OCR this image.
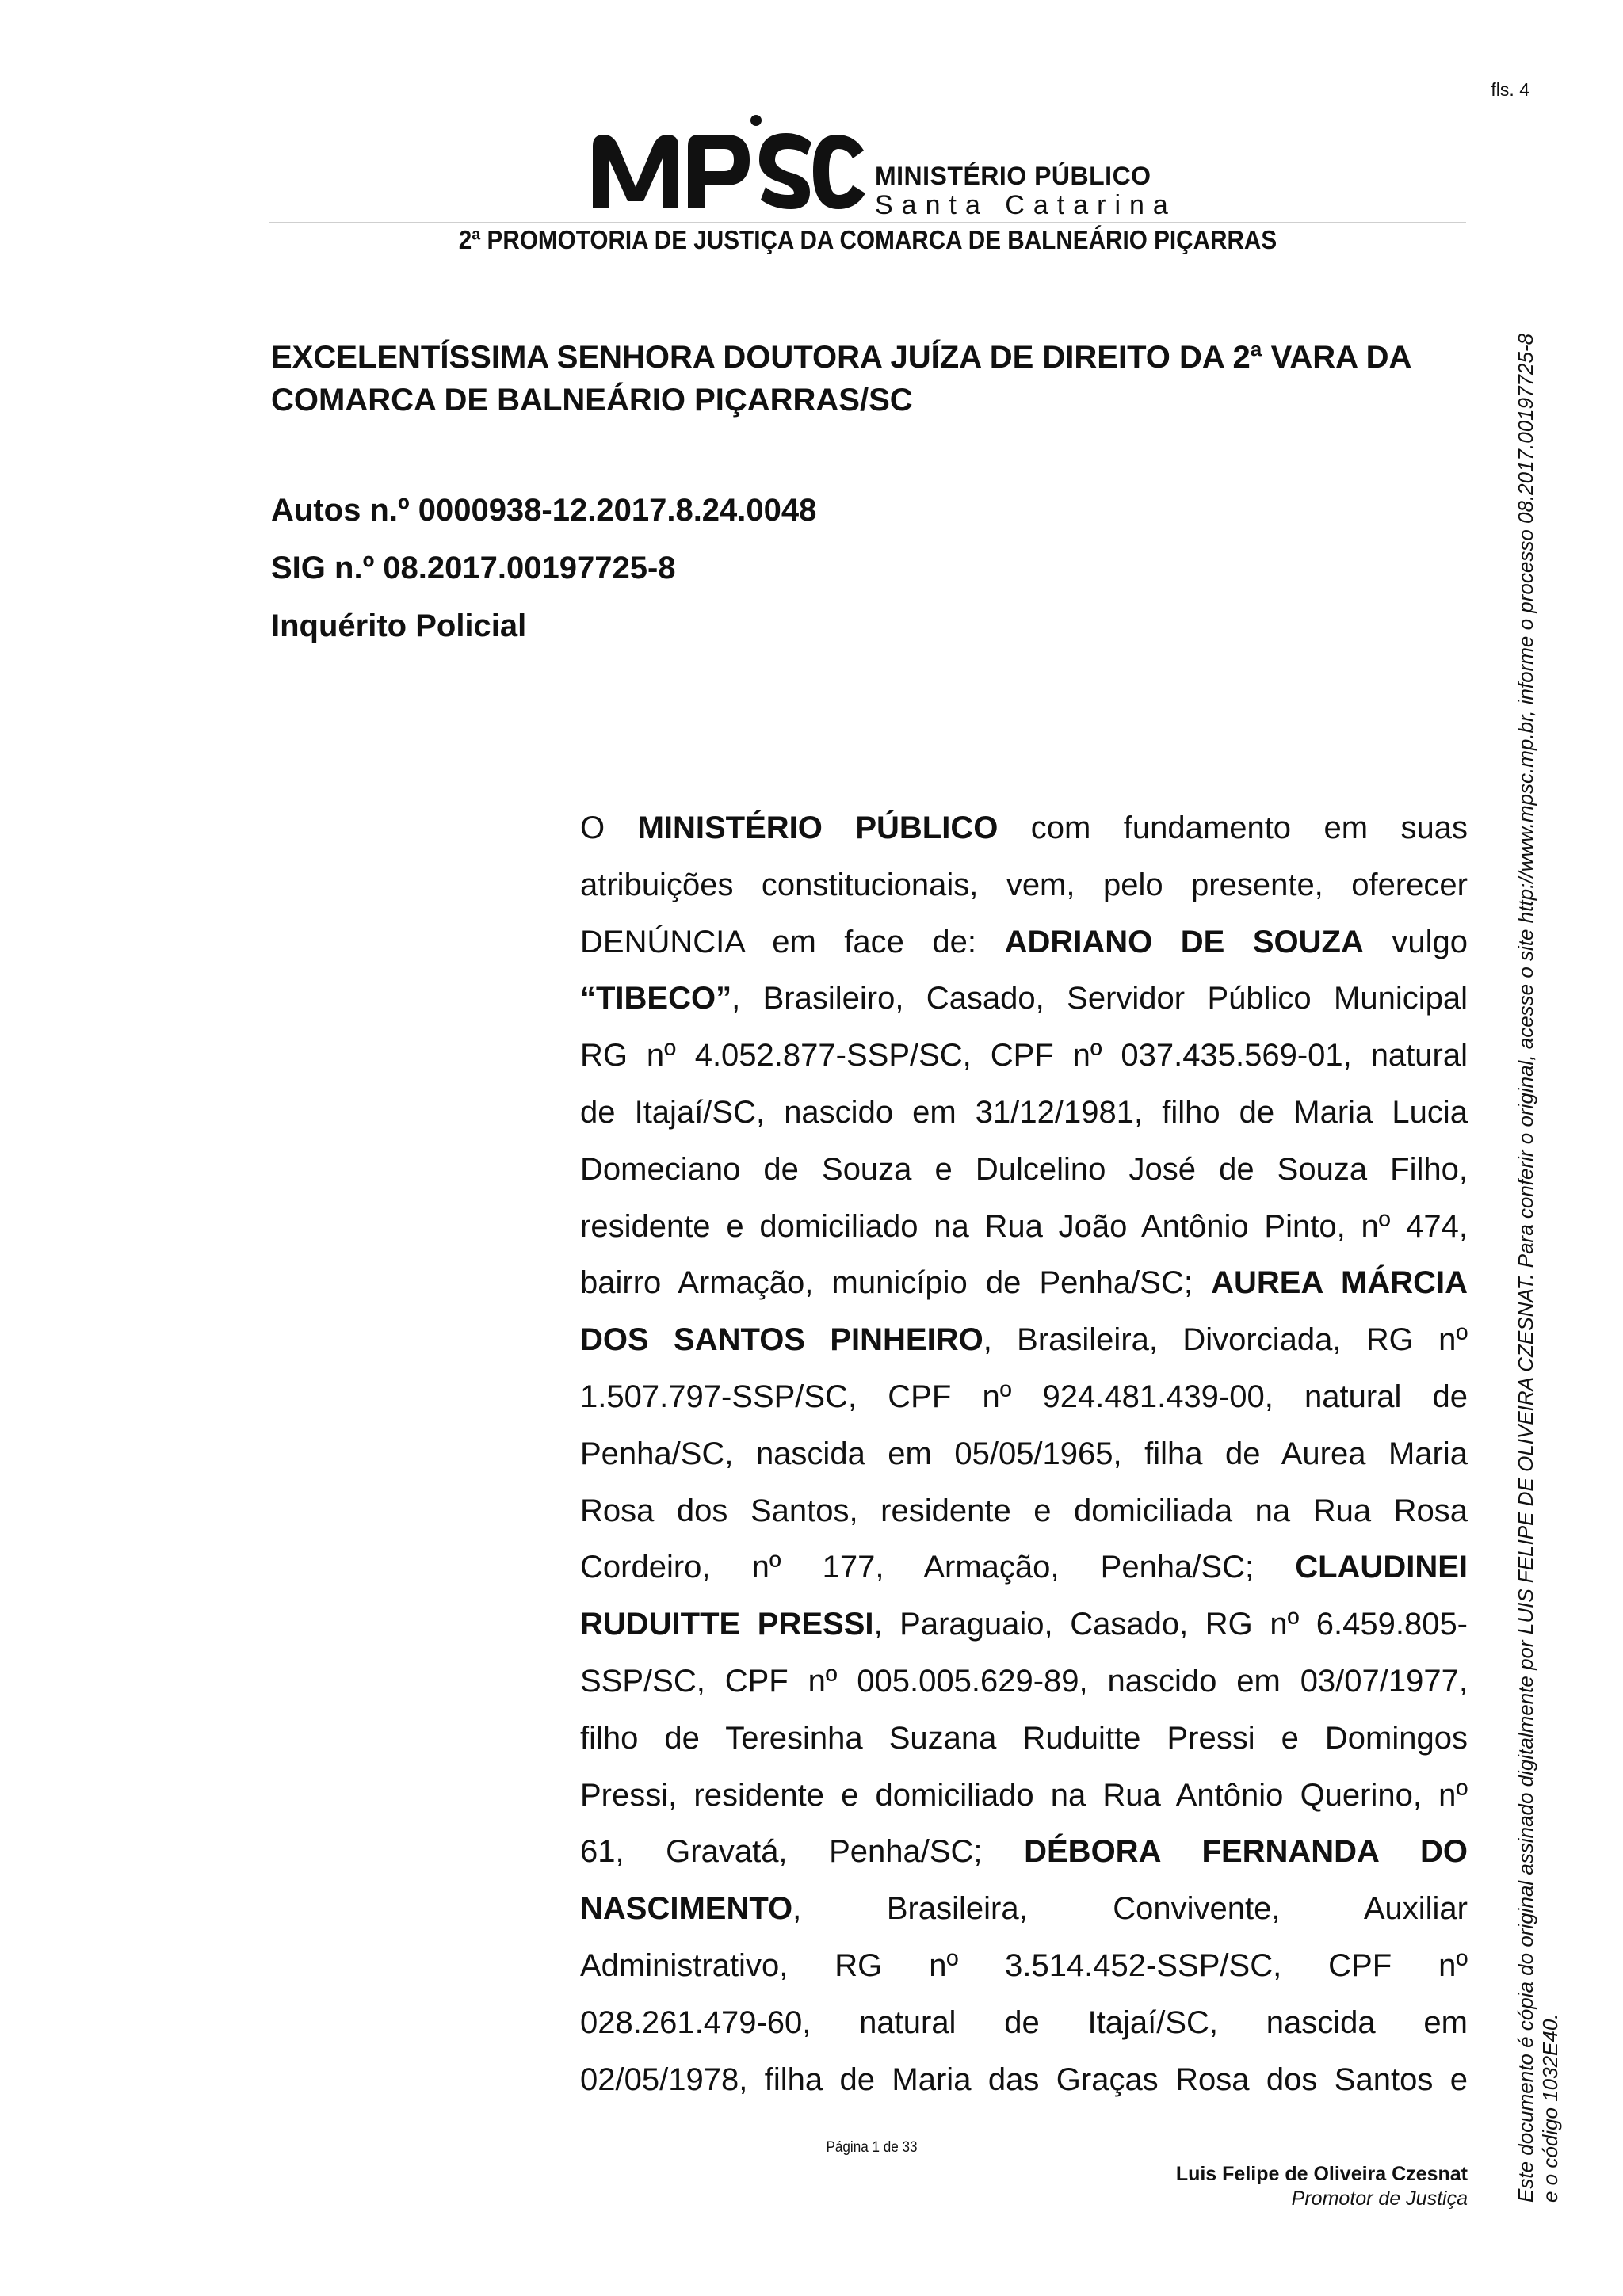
fls. 4
MINISTÉRIO PÚBLICO
Santa Catarina
2ª PROMOTORIA DE JUSTIÇA DA COMARCA DE BALNEÁRIO PIÇARRAS
EXCELENTÍSSIMA SENHORA DOUTORA JUÍZA DE DIREITO DA 2ª VARA DA COMARCA DE BALNEÁRIO PIÇARRAS/SC
Autos n.º 0000938-12.2017.8.24.0048
SIG n.º 08.2017.00197725-8
Inquérito Policial
O MINISTÉRIO PÚBLICO com fundamento em suas
atribuições constitucionais, vem, pelo presente, oferecer
DENÚNCIA em face de: ADRIANO DE SOUZA vulgo
“TIBECO”, Brasileiro, Casado, Servidor Público Municipal
RG nº 4.052.877-SSP/SC, CPF nº 037.435.569-01, natural
de Itajaí/SC, nascido em 31/12/1981, filho de Maria Lucia
Domeciano de Souza e Dulcelino José de Souza Filho,
residente e domiciliado na Rua João Antônio Pinto, nº 474,
bairro Armação, município de Penha/SC; AUREA MÁRCIA
DOS SANTOS PINHEIRO, Brasileira, Divorciada, RG nº
1.507.797-SSP/SC, CPF nº 924.481.439-00, natural de
Penha/SC, nascida em 05/05/1965, filha de Aurea Maria
Rosa dos Santos, residente e domiciliada na Rua Rosa
Cordeiro, nº 177, Armação, Penha/SC; CLAUDINEI
RUDUITTE PRESSI, Paraguaio, Casado, RG nº 6.459.805-
SSP/SC, CPF nº 005.005.629-89, nascido em 03/07/1977,
filho de Teresinha Suzana Ruduitte Pressi e Domingos
Pressi, residente e domiciliado na Rua Antônio Querino, nº
61, Gravatá, Penha/SC; DÉBORA FERNANDA DO
NASCIMENTO, Brasileira, Convivente, Auxiliar
Administrativo, RG nº 3.514.452-SSP/SC, CPF nº
028.261.479-60, natural de Itajaí/SC, nascida em
02/05/1978, filha de Maria das Graças Rosa dos Santos e
Página 1 de 33
Luis Felipe de Oliveira Czesnat
Promotor de Justiça Este documento é cópia do original assinado digitalmente por LUIS FELIPE DE OLIVEIRA CZESNAT. Para conferir o original, acesse o site http://www.mpsc.mp.br, informe o processo 08.2017.00197725-8 e o código 1032E40.
